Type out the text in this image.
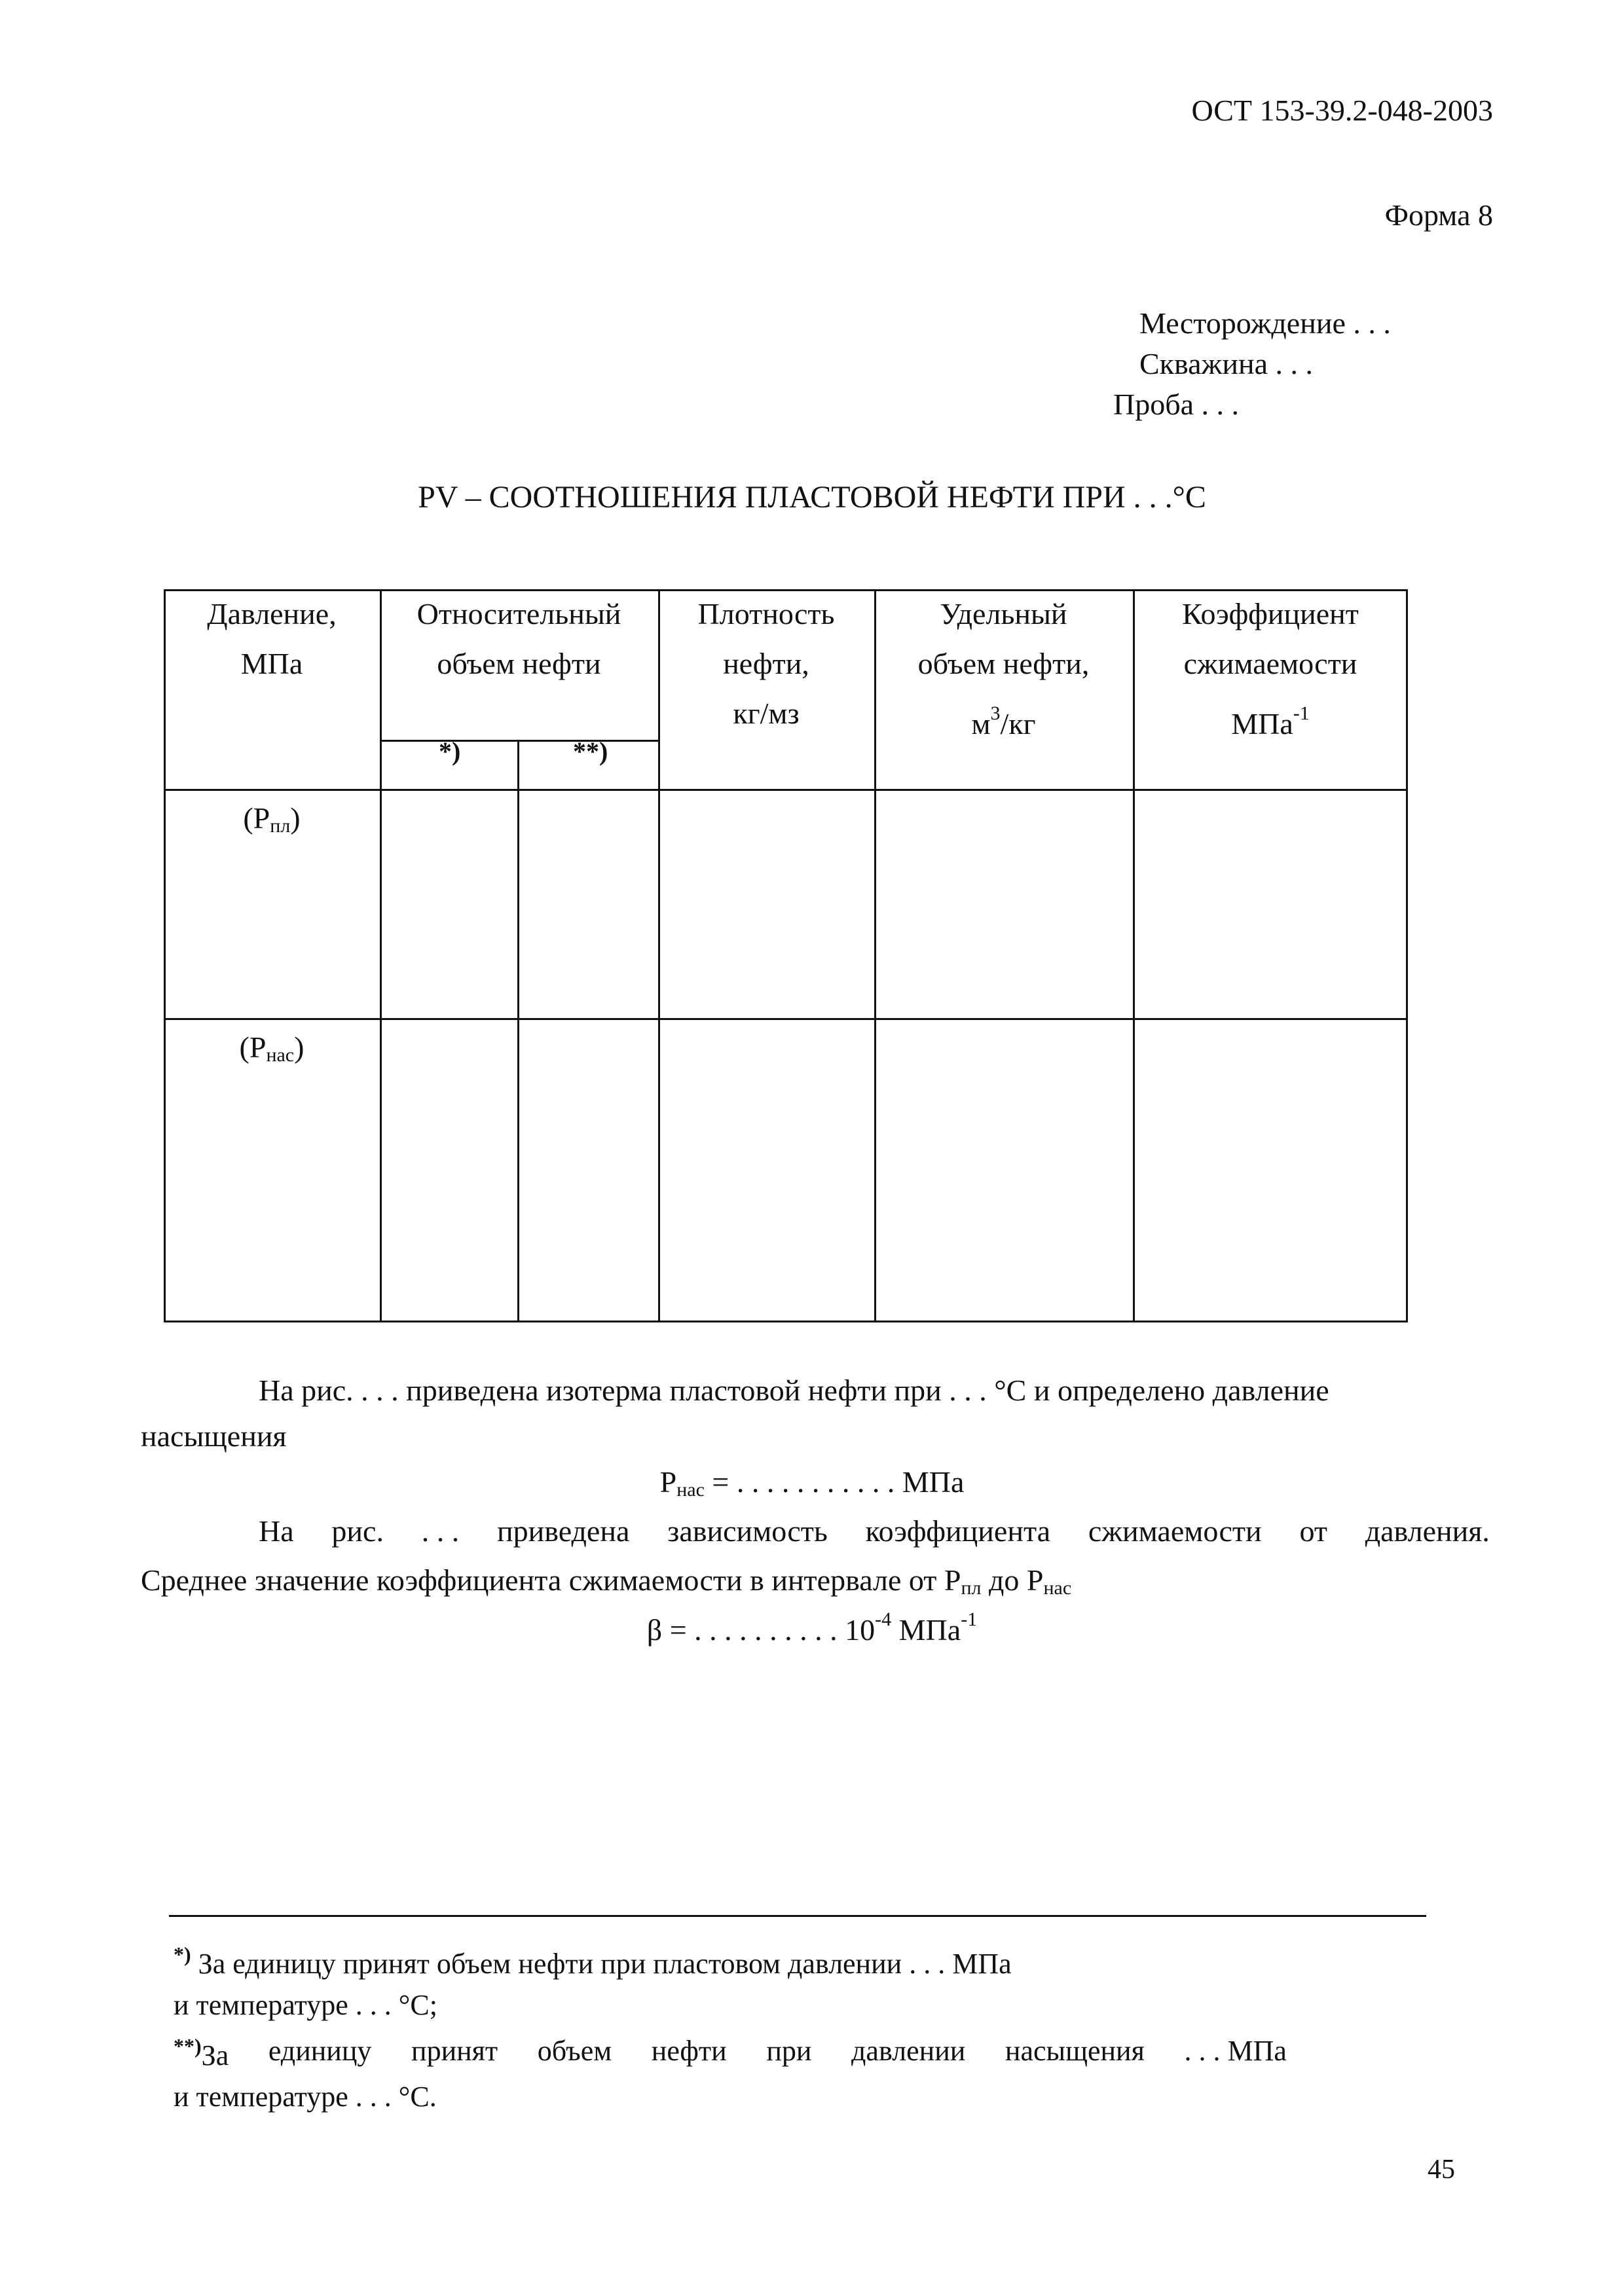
ОСТ 153-39.2-048-2003
Форма 8
Месторождение . . .
Скважина . . .
Проба . . .
PV – СООТНОШЕНИЯ ПЛАСТОВОЙ НЕФТИ ПРИ . . .°С
Давление,
МПа
Относительный
объем нефти
*)	**)
Плотность
нефти,
кг/мз
Удельный
объем нефти,
$м^3/кг$
Коэффициент
сжимаемости
МПа$^{-1}$
$(Р_{пл})$
$(Р_{нас})$
На рис. . . . приведена изотерма пластовой нефти при . . . °С и определено давление
насыщения
$Р_{нас}$ = . . . . . . . . . . . МПа
На рис. . . . приведена зависимость коэффициента сжимаемости от давления.
Среднее значение коэффициента сжимаемости в интервале от $Р_{пл}$ до $Р_{нас}$
β = . . . . . . . . . . $10^{-4}$ МПа$^{-1}$
*) За единицу принят объем нефти при пластовом давлении . . . МПа
и температуре . . . °С;
**)За единицу принят объем нефти при давлении насыщения . . . МПа
и температуре . . . °С.
45
